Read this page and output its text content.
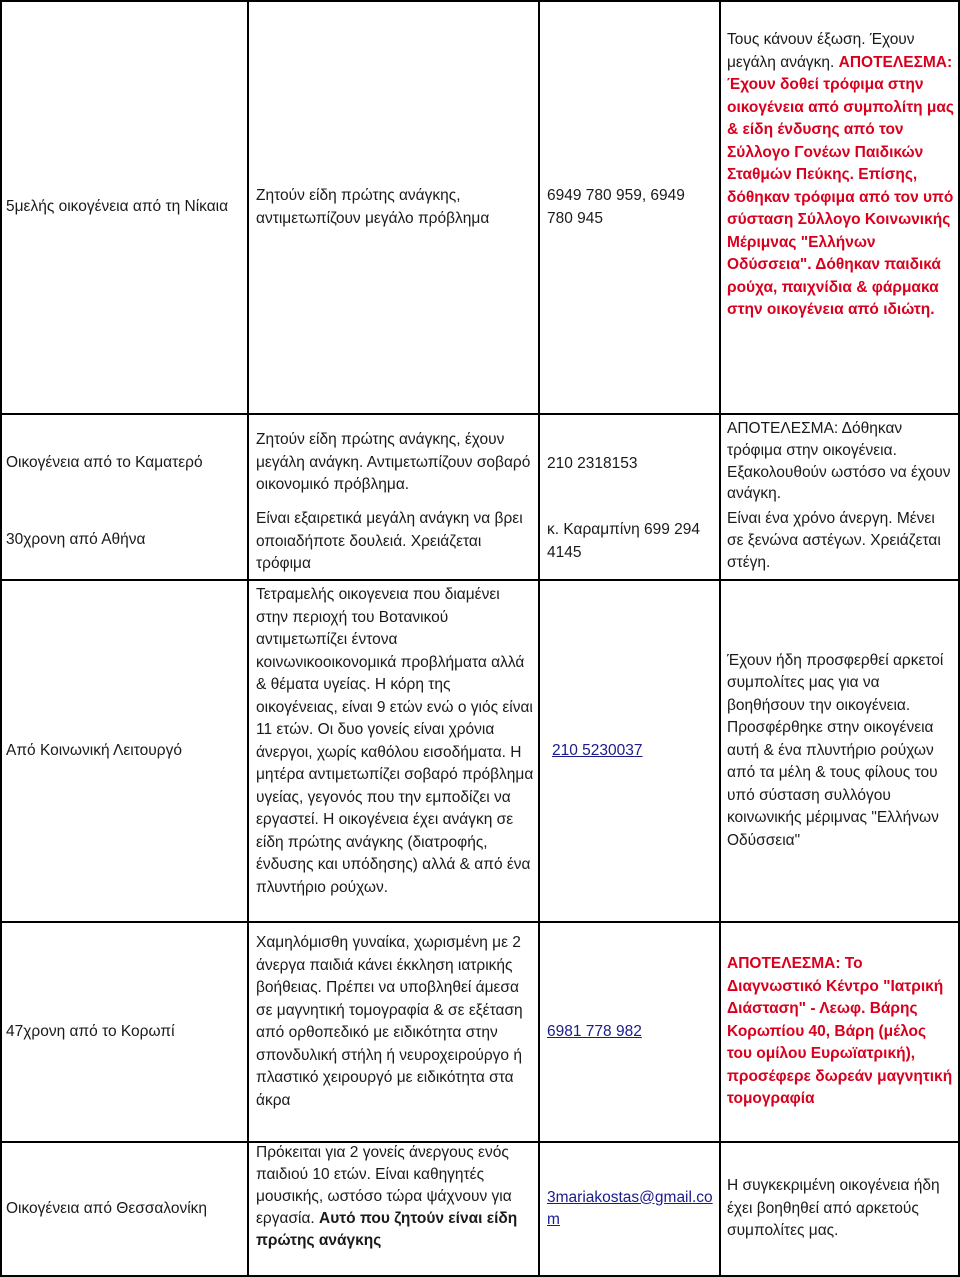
5μελής οικογένεια από τη Νίκαια
Ζητούν είδη πρώτης ανάγκης, αντιμετωπίζουν μεγάλο πρόβλημα
6949 780 959, 6949 780 945
Τους κάνουν έξωση. Έχουν μεγάλη ανάγκη. ΑΠΟΤΕΛΕΣΜΑ: Έχουν δοθεί τρόφιμα στην οικογένεια από συμπολίτη μας & είδη ένδυσης από τον Σύλλογο Γονέων Παιδικών Σταθμών Πεύκης. Επίσης, δόθηκαν τρόφιμα από τον υπό σύσταση Σύλλογο Κοινωνικής Μέριμνας "Ελλήνων Οδύσσεια". Δόθηκαν παιδικά ρούχα, παιχνίδια & φάρμακα στην οικογένεια από ιδιώτη.
Οικογένεια από το Καματερό
Ζητούν είδη πρώτης ανάγκης, έχουν μεγάλη ανάγκη. Αντιμετωπίζουν σοβαρό οικονομικό πρόβλημα.
210 2318153
ΑΠΟΤΕΛΕΣΜΑ: Δόθηκαν τρόφιμα στην οικογένεια. Εξακολουθούν ωστόσο να έχουν ανάγκη.
30χρονη από Αθήνα
Είναι εξαιρετικά μεγάλη ανάγκη να βρει οποιαδήποτε δουλειά. Χρειάζεται τρόφιμα
κ. Καραμπίνη 699 294 4145
Είναι ένα χρόνο άνεργη. Μένει σε ξενώνα αστέγων. Χρειάζεται στέγη.
Από Κοινωνική Λειτουργό
Τετραμελής οικογενεια που διαμένει στην περιοχή του Βοτανικού αντιμετωπίζει έντονα κοινωνικοοικονομικά προβλήματα αλλά & θέματα υγείας. Η κόρη της οικογένειας, είναι 9 ετών ενώ ο γιός είναι 11 ετών. Οι δυο γονείς είναι χρόνια άνεργοι, χωρίς καθόλου εισοδήματα. Η μητέρα αντιμετωπίζει σοβαρό πρόβλημα υγείας, γεγονός που την εμποδίζει να εργαστεί. Η οικογένεια έχει ανάγκη σε είδη πρώτης ανάγκης (διατροφής, ένδυσης και υπόδησης) αλλά & από ένα πλυντήριο ρούχων.
210 5230037
Έχουν ήδη προσφερθεί αρκετοί συμπολίτες μας για να βοηθήσουν την οικογένεια. Προσφέρθηκε στην οικογένεια αυτή & ένα πλυντήριο ρούχων από τα μέλη & τους φίλους του υπό σύσταση συλλόγου κοινωνικής μέριμνας "Ελλήνων Οδύσσεια"
47χρονη από το Κορωπί
Χαμηλόμισθη γυναίκα, χωρισμένη με 2 άνεργα παιδιά κάνει έκκληση ιατρικής βοήθειας. Πρέπει να υποβληθεί άμεσα σε μαγνητική τομογραφία & σε εξέταση από ορθοπεδικό με ειδικότητα στην σπονδυλική στήλη ή νευροχειρούργο ή πλαστικό χειρουργό με ειδικότητα στα άκρα
6981 778 982
ΑΠΟΤΕΛΕΣΜΑ: Το Διαγνωστικό Κέντρο "Ιατρική Διάσταση" - Λεωφ. Βάρης Κορωπίου 40, Βάρη (μέλος του ομίλου Ευρωϊατρική), προσέφερε δωρεάν μαγνητική τομογραφία
Οικογένεια από Θεσσαλονίκη
Πρόκειται για 2 γονείς άνεργους ενός παιδιού 10 ετών. Είναι καθηγητές μουσικής, ωστόσο τώρα ψάχνουν για εργασία. Αυτό που ζητούν είναι είδη πρώτης ανάγκης
3mariakostas@gmail.com
Η συγκεκριμένη οικογένεια ήδη έχει βοηθηθεί από αρκετούς συμπολίτες μας.
